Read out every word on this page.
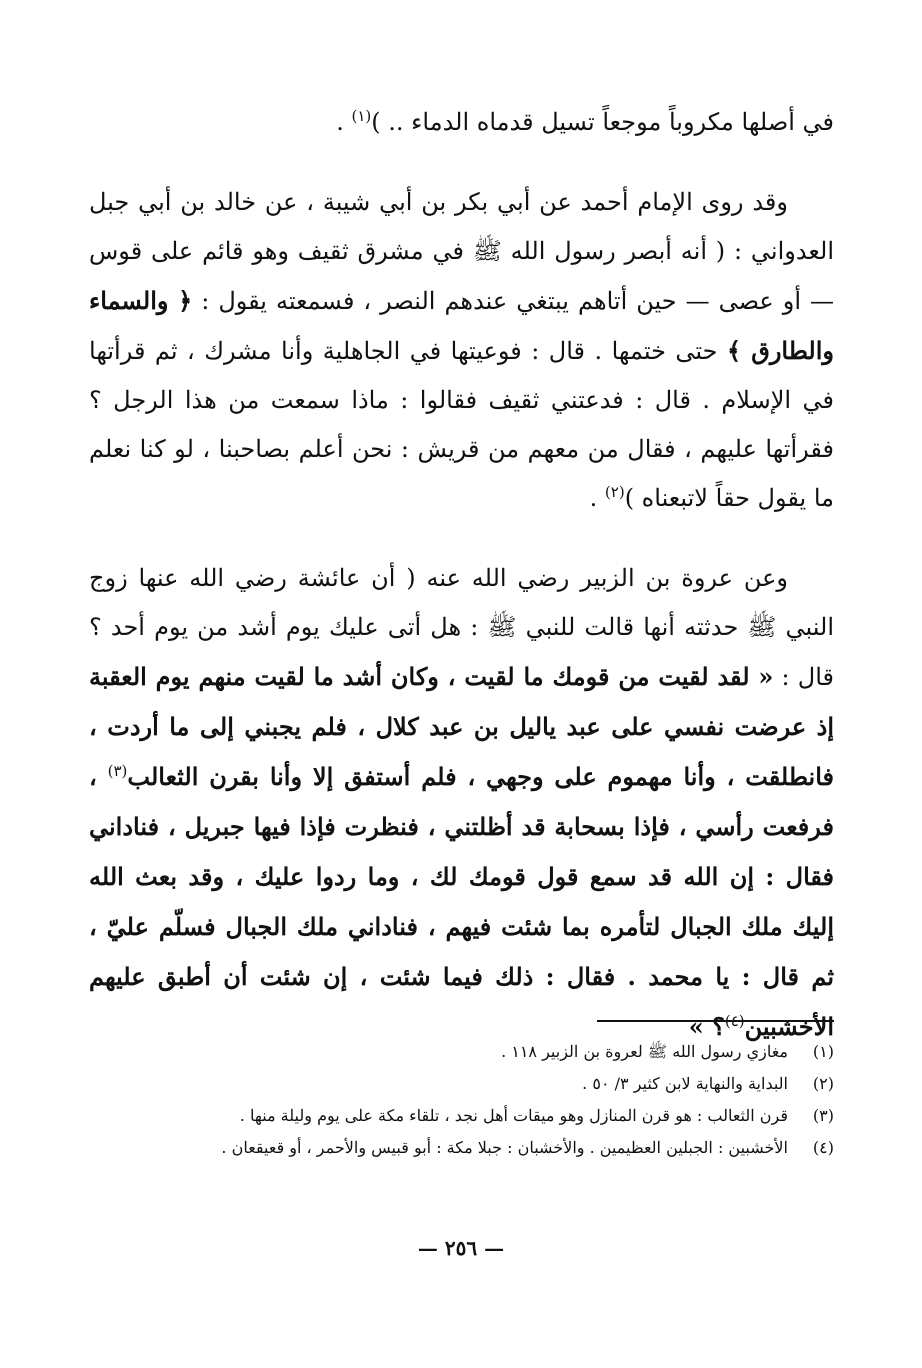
في أصلها مكروباً موجعاً تسيل قدماه الدماء .. )$^{(١)}$ .
وقد روى الإمام أحمد عن أبي بكر بن أبي شيبة ، عن خالد بن أبي جبل العدواني : ( أنه أبصر رسول الله ﷺ في مشرق ثقيف وهو قائم على قوس — أو عصى — حين أتاهم يبتغي عندهم النصر ، فسمعته يقول : ﴿ والسماء والطارق ﴾ حتى ختمها . قال : فوعيتها في الجاهلية وأنا مشرك ، ثم قرأتها في الإسلام . قال : فدعتني ثقيف فقالوا : ماذا سمعت من هذا الرجل ؟ فقرأتها عليهم ، فقال من معهم من قريش : نحن أعلم بصاحبنا ، لو كنا نعلم ما يقول حقاً لاتبعناه )$^{(٢)}$ .
وعن عروة بن الزبير رضي الله عنه ( أن عائشة رضي الله عنها زوج النبي ﷺ حدثته أنها قالت للنبي ﷺ : هل أتى عليك يوم أشد من يوم أحد ؟ قال : « لقد لقيت من قومك ما لقيت ، وكان أشد ما لقيت منهم يوم العقبة إذ عرضت نفسي على عبد ياليل بن عبد كلال ، فلم يجبني إلى ما أردت ، فانطلقت ، وأنا مهموم على وجهي ، فلم أستفق إلا وأنا بقرن الثعالب$^{(٣)}$ ، فرفعت رأسي ، فإذا بسحابة قد أظلتني ، فنظرت فإذا فيها جبريل ، فناداني فقال : إن الله قد سمع قول قومك لك ، وما ردوا عليك ، وقد بعث الله إليك ملك الجبال لتأمره بما شئت فيهم ، فناداني ملك الجبال فسلّم عليّ ، ثم قال : يا محمد . فقال : ذلك فيما شئت ، إن شئت أن أطبق عليهم الأخشبين$^{(٤)}$؟ »
(١)
مغازي رسول الله ﷺ لعروة بن الزبير ١١٨ .
(٢)
البداية والنهاية لابن كثير ٣/ ٥٠ .
(٣)
قرن الثعالب : هو قرن المنازل وهو ميقات أهل نجد ، تلقاء مكة على يوم وليلة منها .
(٤)
الأخشبين : الجبلين العظيمين . والأخشبان : جبلا مكة : أبو قبيس والأحمر ، أو قعيقعان .
— ٢٥٦ —
